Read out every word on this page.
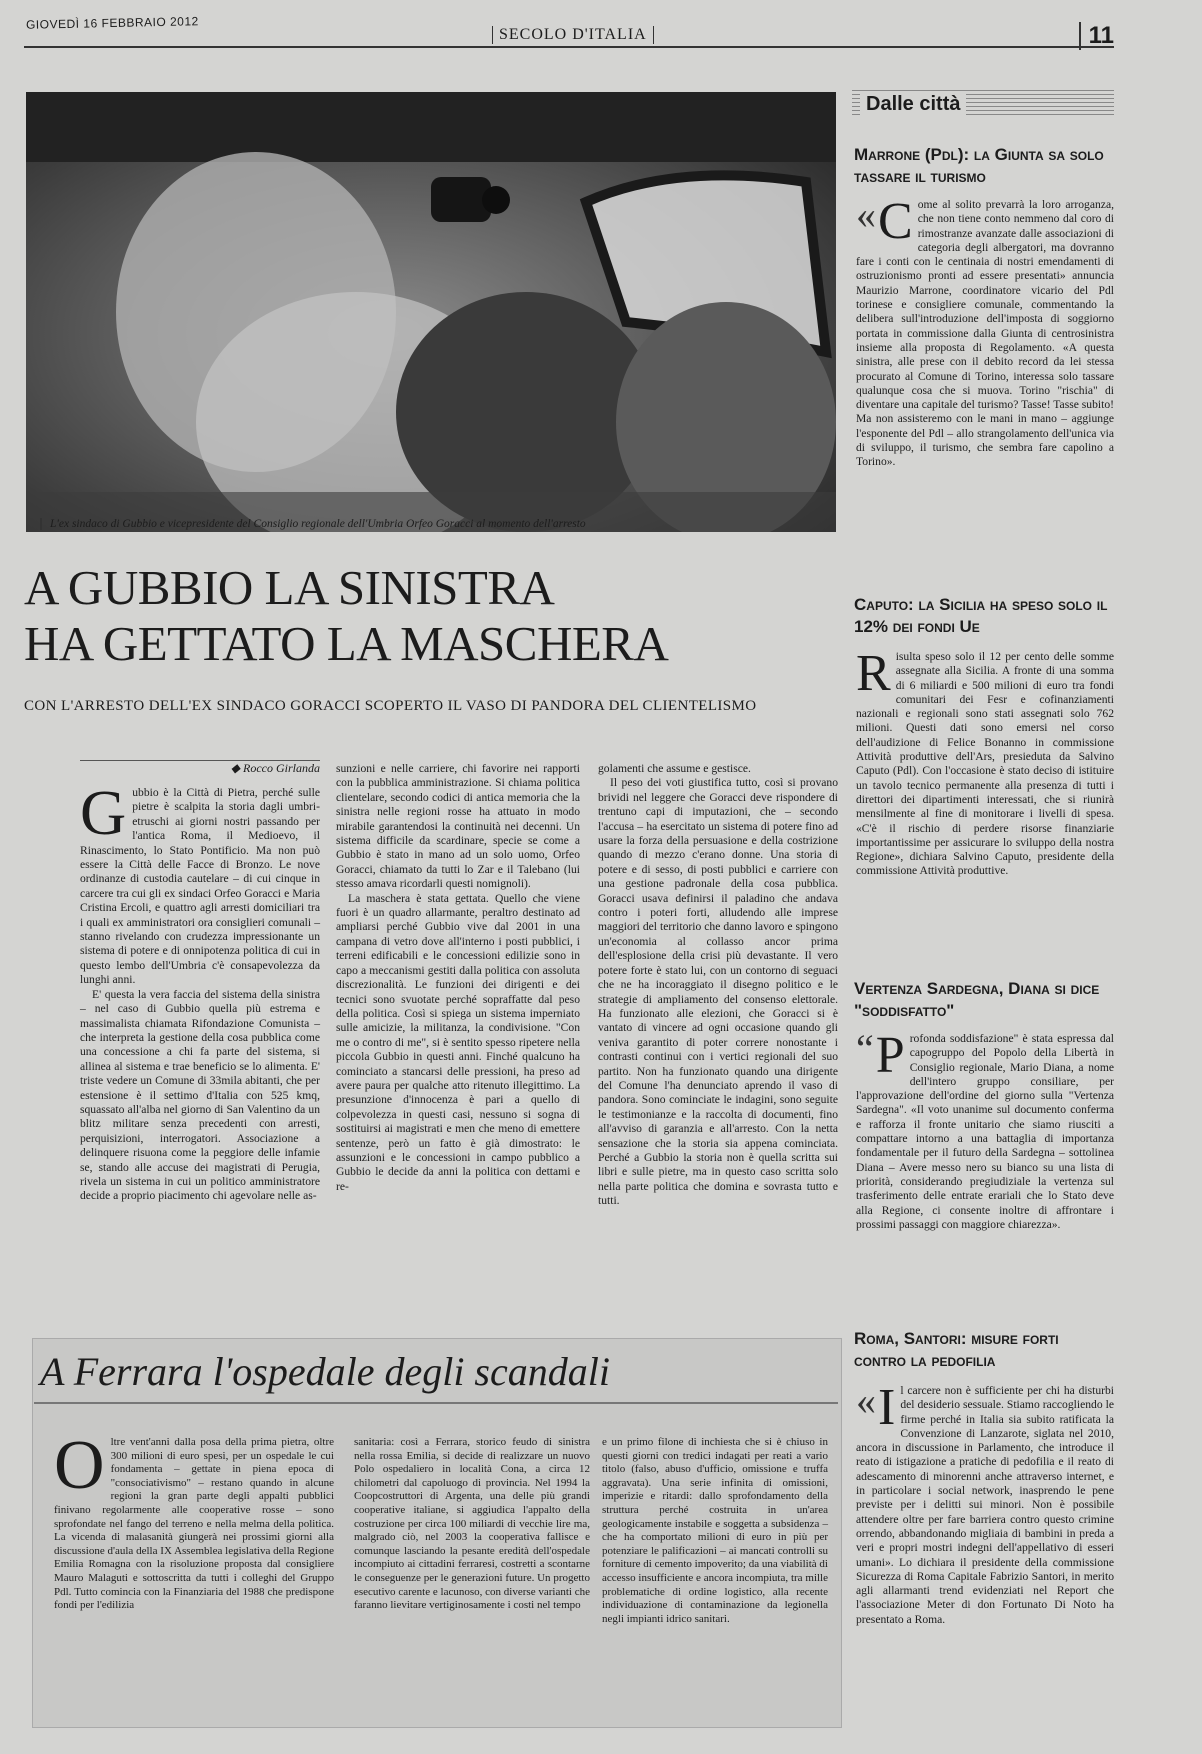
GIOVEDÌ 16 FEBBRAIO 2012
SECOLO D'ITALIA	11
L'ex sindaco di Gubbio e vicepresidente del Consiglio regionale dell'Umbria Orfeo Goracci al momento dell'arresto
A GUBBIO LA SINISTRA
HA GETTATO LA MASCHERA
CON L'ARRESTO DELL'EX SINDACO GORACCI SCOPERTO IL VASO DI PANDORA DEL CLIENTELISMO
◆ Rocco Girlanda

Gubbio è la Città di Pietra, perché sulle pietre è scalpita la storia dagli umbri-etruschi ai giorni nostri passando per l'antica Roma, il Medioevo, il Rinascimento, lo Stato Pontificio. Ma non può essere la Città delle Facce di Bronzo. Le nove ordinanze di custodia cautelare – di cui cinque in carcere tra cui gli ex sindaci Orfeo Goracci e Maria Cristina Ercoli, e quattro agli arresti domiciliari tra i quali ex amministratori ora consiglieri comunali – stanno rivelando con crudezza impressionante un sistema di potere e di onnipotenza politica di cui in questo lembo dell'Umbria c'è consapevolezza da lunghi anni.

E' questa la vera faccia del sistema della sinistra – nel caso di Gubbio quella più estrema e massimalista chiamata Rifondazione Comunista – che interpreta la gestione della cosa pubblica come una concessione a chi fa parte del sistema, si allinea al sistema e trae beneficio se lo alimenta. E' triste vedere un Comune di 33mila abitanti, che per estensione è il settimo d'Italia con 525 kmq, squassato all'alba nel giorno di San Valentino da un blitz militare senza precedenti con arresti, perquisizioni, interrogatori. Associazione a delinquere risuona come la peggiore delle infamie se, stando alle accuse dei magistrati di Perugia, rivela un sistema in cui un politico amministratore decide a proprio piacimento chi agevolare nelle as-

sunzioni e nelle carriere, chi favorire nei rapporti con la pubblica amministrazione. Si chiama politica clientelare, secondo codici di antica memoria che la sinistra nelle regioni rosse ha attuato in modo mirabile garantendosi la continuità nei decenni. Un sistema difficile da scardinare, specie se come a Gubbio è stato in mano ad un solo uomo, Orfeo Goracci, chiamato da tutti lo Zar e il Talebano (lui stesso amava ricordarli questi nomignoli).

La maschera è stata gettata. Quello che viene fuori è un quadro allarmante, peraltro destinato ad ampliarsi perché Gubbio vive dal 2001 in una campana di vetro dove all'interno i posti pubblici, i terreni edificabili e le concessioni edilizie sono in capo a meccanismi gestiti dalla politica con assoluta discrezionalità. Le funzioni dei dirigenti e dei tecnici sono svuotate perché sopraffatte dal peso della politica. Così si spiega un sistema imperniato sulle amicizie, la militanza, la condivisione. "Con me o contro di me", si è sentito spesso ripetere nella piccola Gubbio in questi anni. Finché qualcuno ha cominciato a stancarsi delle pressioni, ha preso ad avere paura per qualche atto ritenuto illegittimo. La presunzione d'innocenza è pari a quello di colpevolezza in questi casi, nessuno si sogna di sostituirsi ai magistrati e men che meno di emettere sentenze, però un fatto è già dimostrato: le assunzioni e le concessioni in campo pubblico a Gubbio le decide da anni la politica con dettami e re-

golamenti che assume e gestisce.

Il peso dei voti giustifica tutto, così si provano brividi nel leggere che Goracci deve rispondere di trentuno capi di imputazioni, che – secondo l'accusa – ha esercitato un sistema di potere fino ad usare la forza della persuasione e della costrizione quando di mezzo c'erano donne. Una storia di potere e di sesso, di posti pubblici e carriere con una gestione padronale della cosa pubblica. Goracci usava definirsi il paladino che andava contro i poteri forti, alludendo alle imprese maggiori del territorio che danno lavoro e spingono un'economia al collasso ancor prima dell'esplosione della crisi più devastante. Il vero potere forte è stato lui, con un contorno di seguaci che ne ha incoraggiato il disegno politico e le strategie di ampliamento del consenso elettorale. Ha funzionato alle elezioni, che Goracci si è vantato di vincere ad ogni occasione quando gli veniva garantito di poter correre nonostante i contrasti continui con i vertici regionali del suo partito. Non ha funzionato quando una dirigente del Comune l'ha denunciato aprendo il vaso di pandora. Sono cominciate le indagini, sono seguite le testimonianze e la raccolta di documenti, fino all'avviso di garanzia e all'arresto. Con la netta sensazione che la storia sia appena cominciata. Perché a Gubbio la storia non è quella scritta sui libri e sulle pietre, ma in questo caso scritta solo nella parte politica che domina e sovrasta tutto e tutti.

A Ferrara l'ospedale degli scandali

Oltre vent'anni dalla posa della prima pietra, oltre 300 milioni di euro spesi, per un ospedale le cui fondamenta – gettate in piena epoca di "consociativismo" – restano quando in alcune regioni la gran parte degli appalti pubblici finivano regolarmente alle cooperative rosse – sono sprofondate nel fango del terreno e nella melma della politica. La vicenda di malasanità giungerà nei prossimi giorni alla discussione d'aula della IX Assemblea legislativa della Regione Emilia Romagna con la risoluzione proposta dal consigliere Mauro Malaguti e sottoscritta da tutti i colleghi del Gruppo Pdl. Tutto comincia con la Finanziaria del 1988 che predispone fondi per l'edilizia

sanitaria: così a Ferrara, storico feudo di sinistra nella rossa Emilia, si decide di realizzare un nuovo Polo ospedaliero in località Cona, a circa 12 chilometri dal capoluogo di provincia. Nel 1994 la Coopcostruttori di Argenta, una delle più grandi cooperative italiane, si aggiudica l'appalto della costruzione per circa 100 miliardi di vecchie lire ma, malgrado ciò, nel 2003 la cooperativa fallisce e comunque lasciando la pesante eredità dell'ospedale incompiuto ai cittadini ferraresi, costretti a scontarne le conseguenze per le generazioni future. Un progetto esecutivo carente e lacunoso, con diverse varianti che faranno lievitare vertiginosamente i costi nel tempo

e un primo filone di inchiesta che si è chiuso in questi giorni con tredici indagati per reati a vario titolo (falso, abuso d'ufficio, omissione e truffa aggravata). Una serie infinita di omissioni, imperizie e ritardi: dallo sprofondamento della struttura perché costruita in un'area geologicamente instabile e soggetta a subsidenza – che ha comportato milioni di euro in più per potenziare le palificazioni – ai mancati controlli su forniture di cemento impoverito; da una viabilità di accesso insufficiente e ancora incompiuta, tra mille problematiche di ordine logistico, alla recente individuazione di contaminazione da legionella negli impianti idrico sanitari.

Dalle città
Marrone (Pdl): la Giunta sa solo tassare il turismo

« C ome al solito prevarrà la loro arroganza, che non tiene conto nemmeno dal coro di rimostranze avanzate dalle associazioni di categoria degli albergatori, ma dovranno fare i conti con le centinaia di nostri emendamenti di ostruzionismo pronti ad essere presentati» annuncia Maurizio Marrone, coordinatore vicario del Pdl torinese e consigliere comunale, commentando la delibera sull'introduzione dell'imposta di soggiorno portata in commissione dalla Giunta di centrosinistra insieme alla proposta di Regolamento. «A questa sinistra, alle prese con il debito record da lei stessa procurato al Comune di Torino, interessa solo tassare qualunque cosa che si muova. Torino "rischia" di diventare una capitale del turismo? Tasse! Tasse subito! Ma non assisteremo con le mani in mano – aggiunge l'esponente del Pdl – allo strangolamento dell'unica via di sviluppo, il turismo, che sembra fare capolino a Torino».

Caputo: la Sicilia ha speso solo il 12% dei fondi Ue

Risulta speso solo il 12 per cento delle somme assegnate alla Sicilia. A fronte di una somma di 6 miliardi e 500 milioni di euro tra fondi comunitari dei Fesr e cofinanziamenti nazionali e regionali sono stati assegnati solo 762 milioni. Questi dati sono emersi nel corso dell'audizione di Felice Bonanno in commissione Attività produttive dell'Ars, presieduta da Salvino Caputo (Pdl). Con l'occasione è stato deciso di istituire un tavolo tecnico permanente alla presenza di tutti i direttori dei dipartimenti interessati, che si riunirà mensilmente al fine di monitorare i livelli di spesa. «C'è il rischio di perdere risorse finanziarie importantissime per assicurare lo sviluppo della nostra Regione», dichiara Salvino Caputo, presidente della commissione Attività produttive.

Vertenza Sardegna, Diana si dice "soddisfatto"

“ P rofonda soddisfazione" è stata espressa dal capogruppo del Popolo della Libertà in Consiglio regionale, Mario Diana, a nome dell'intero gruppo consiliare, per l'approvazione dell'ordine del giorno sulla "Vertenza Sardegna". «Il voto unanime sul documento conferma e rafforza il fronte unitario che siamo riusciti a compattare intorno a una battaglia di importanza fondamentale per il futuro della Sardegna – sottolinea Diana – Avere messo nero su bianco su una lista di priorità, considerando pregiudiziale la vertenza sul trasferimento delle entrate erariali che lo Stato deve alla Regione, ci consente inoltre di affrontare i prossimi passaggi con maggiore chiarezza».

Roma, Santori: misure forti contro la pedofilia

« I l carcere non è sufficiente per chi ha disturbi del desiderio sessuale. Stiamo raccogliendo le firme perché in Italia sia subito ratificata la Convenzione di Lanzarote, siglata nel 2010, ancora in discussione in Parlamento, che introduce il reato di istigazione a pratiche di pedofilia e il reato di adescamento di minorenni anche attraverso internet, e in particolare i social network, inasprendo le pene previste per i delitti sui minori. Non è possibile attendere oltre per fare barriera contro questo crimine orrendo, abbandonando migliaia di bambini in preda a veri e propri mostri indegni dell'appellativo di esseri umani». Lo dichiara il presidente della commissione Sicurezza di Roma Capitale Fabrizio Santori, in merito agli allarmanti trend evidenziati nel Report che l'associazione Meter di don Fortunato Di Noto ha presentato a Roma.
